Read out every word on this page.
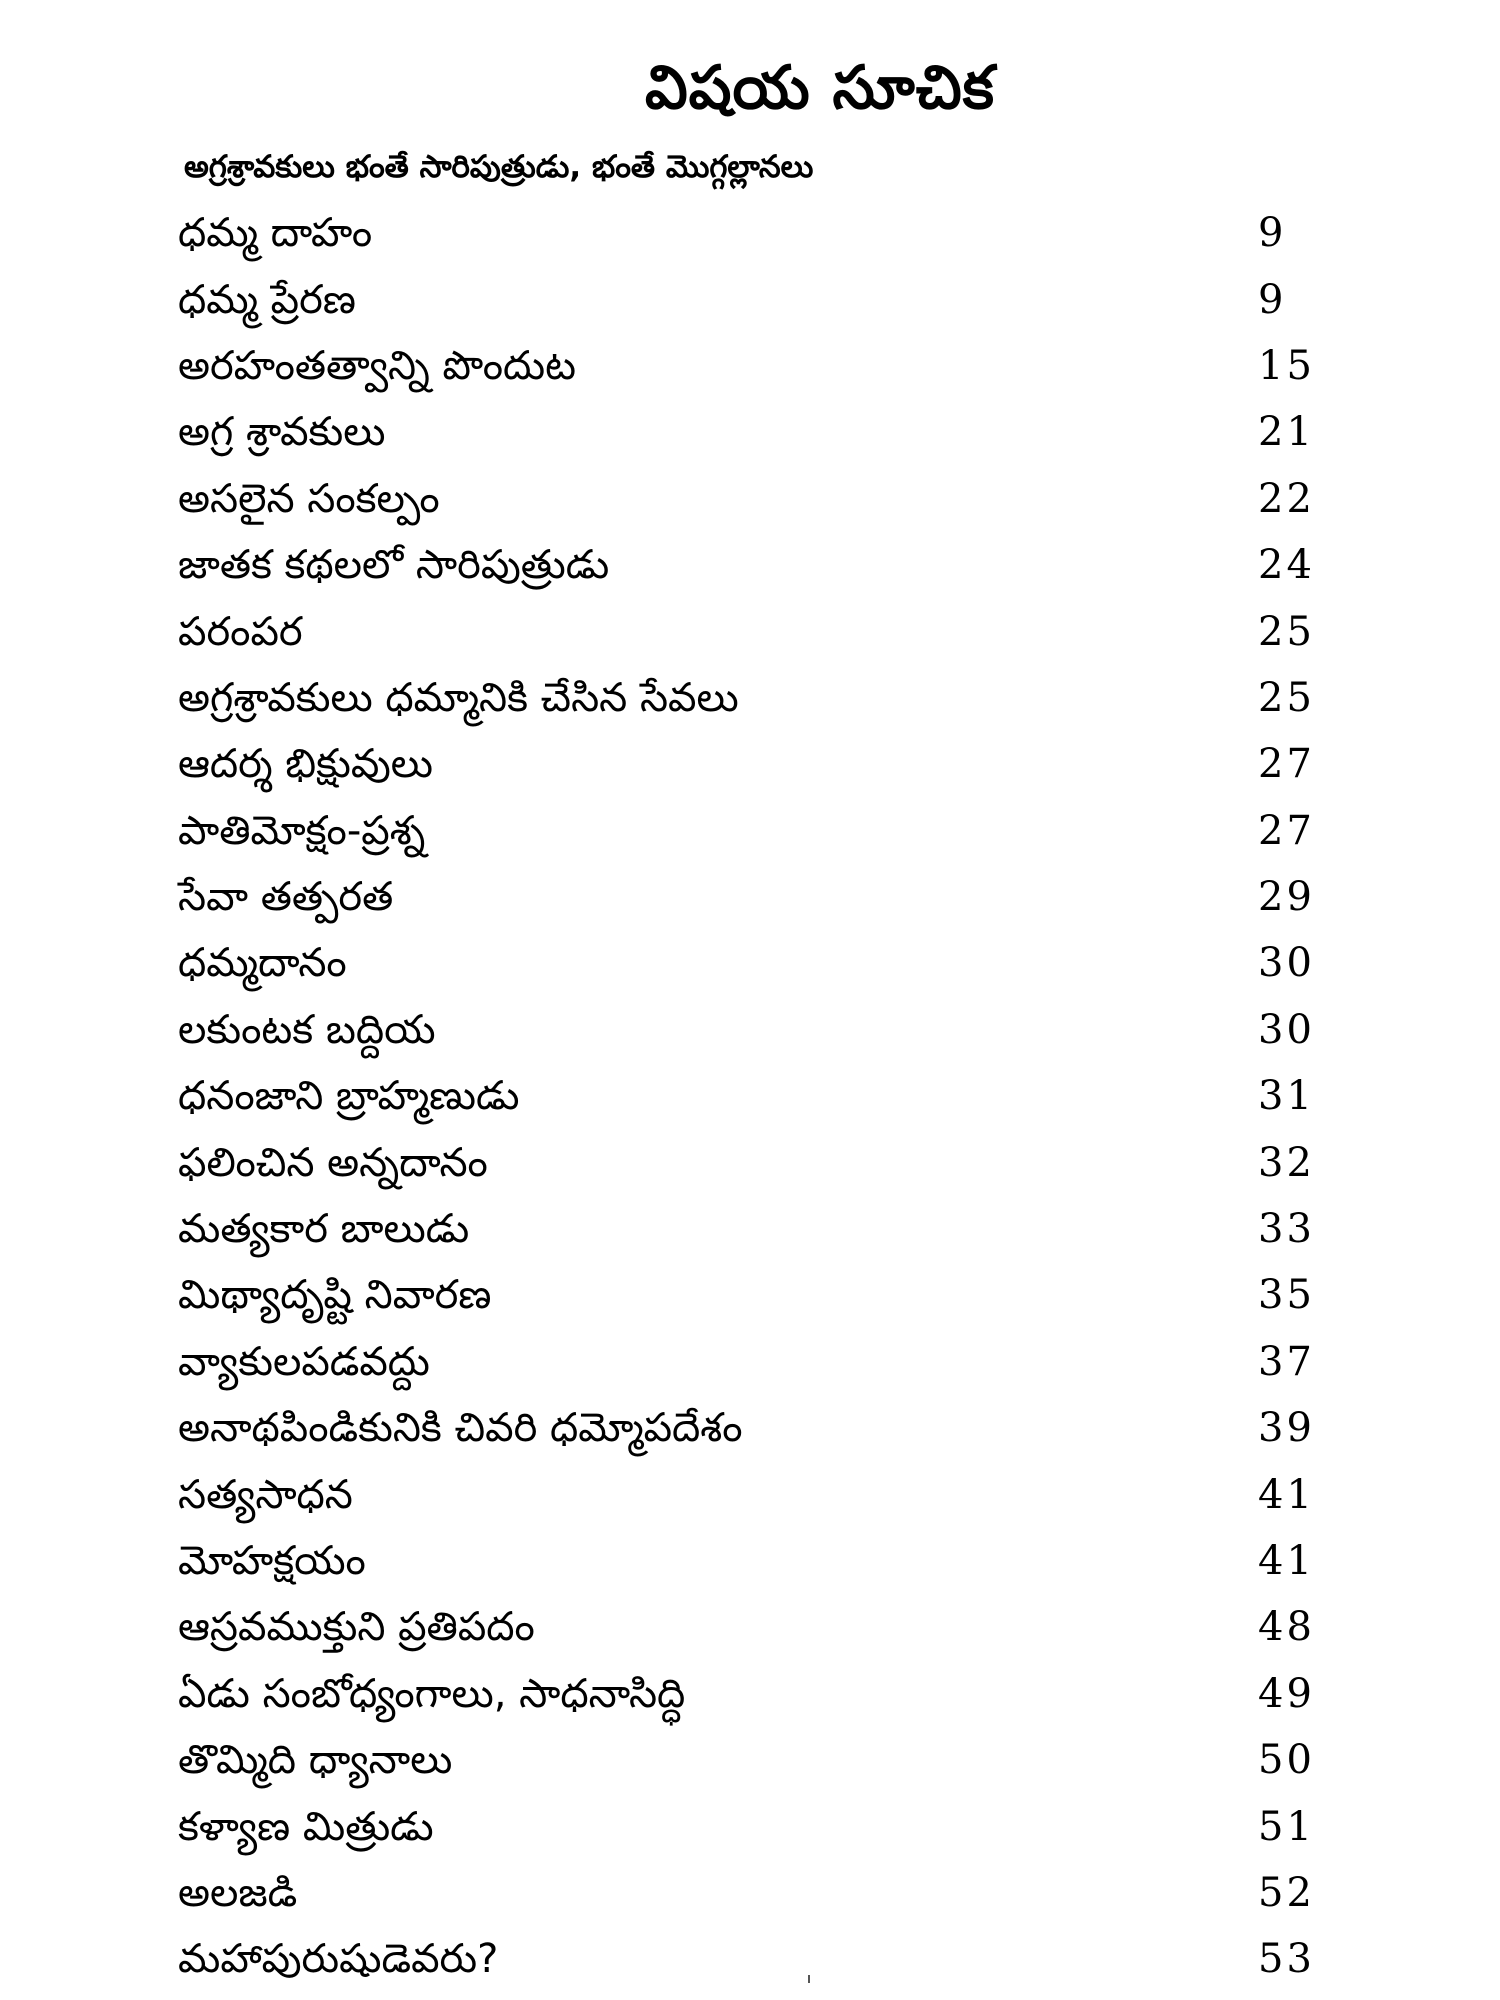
విషయ సూచిక
అగ్రశ్రావకులు భంతే సారిపుత్రుడు, భంతే మొగ్గల్లానలు
ధమ్మ దాహం	9
ధమ్మ ప్రేరణ	9
అరహంతత్వాన్ని పొందుట	15
అగ్ర శ్రావకులు	21
అసలైన సంకల్పం	22
జాతక కథలలో సారిపుత్రుడు	24
పరంపర	25
అగ్రశ్రావకులు ధమ్మానికి చేసిన సేవలు	25
ఆదర్శ భిక్షువులు	27
పాతిమోక్షం-ప్రశ్న	27
సేవా తత్పరత	29
ధమ్మదానం	30
లకుంటక బద్దియ	30
ధనంజాని బ్రాహ్మణుడు	31
ఫలించిన అన్నదానం	32
మత్యకార బాలుడు	33
మిథ్యాదృష్టి నివారణ	35
వ్యాకులపడవద్దు	37
అనాథపిండికునికి చివరి ధమ్మోపదేశం	39
సత్యసాధన	41
మోహక్షయం	41
ఆస్రవముక్తుని ప్రతిపదం	48
ఏడు సంబోధ్యంగాలు, సాధనాసిద్ధి	49
తొమ్మిది ధ్యానాలు	50
కళ్యాణ మిత్రుడు	51
అలజడి	52
మహాపురుషుడెవరు?	53
